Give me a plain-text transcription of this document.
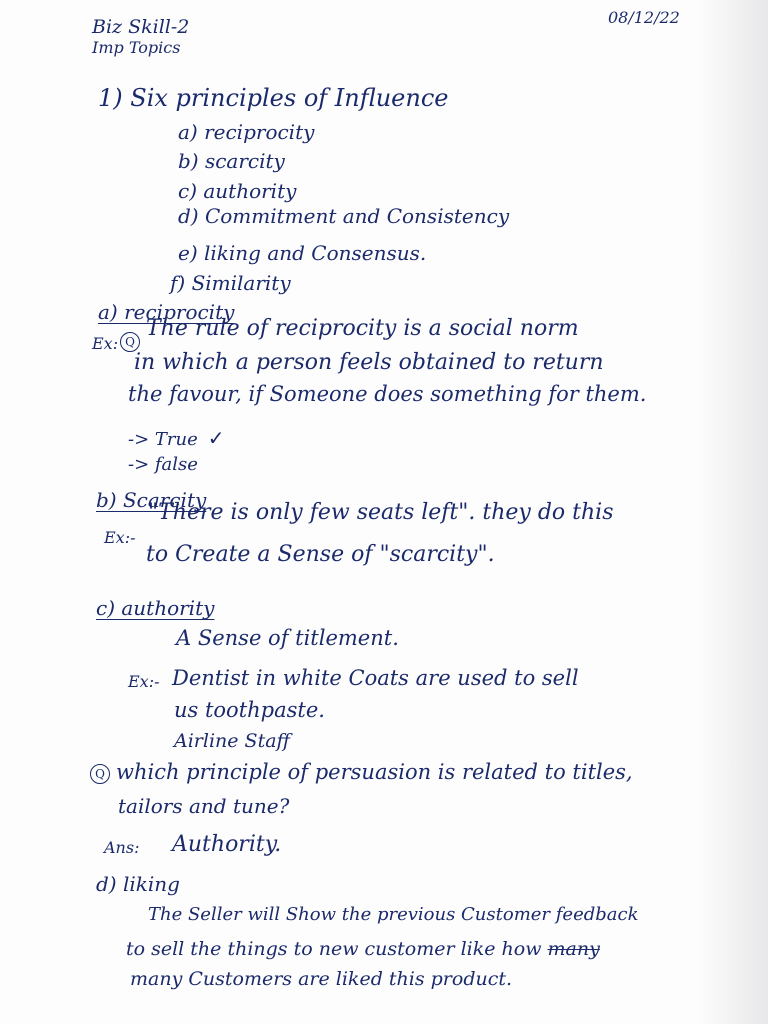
Biz Skill-2
Imp Topics
08/12/22
1) Six principles of Influence
a) reciprocity
b) scarcity
c) authority
d) Commitment and Consistency
e) liking and Consensus.
f) Similarity
a) reciprocity
Ex: Q
The rule of reciprocity is a social norm
in which a person feels obtained to return
the favour, if Someone does something for them.
-> True ✓
-> false
b) Scarcity
Ex:-
"There is only few seats left". they do this
to Create a Sense of "scarcity".
c) authority
A Sense of titlement.
Ex:- Dentist in white Coats are used to sell
us toothpaste.
Airline Staff
Q which principle of persuasion is related to titles,
tailors and tune?
Ans: Authority.
d) liking
The Seller will Show the previous Customer feedback
to sell the things to new customer like how many
many Customers are liked this product.
